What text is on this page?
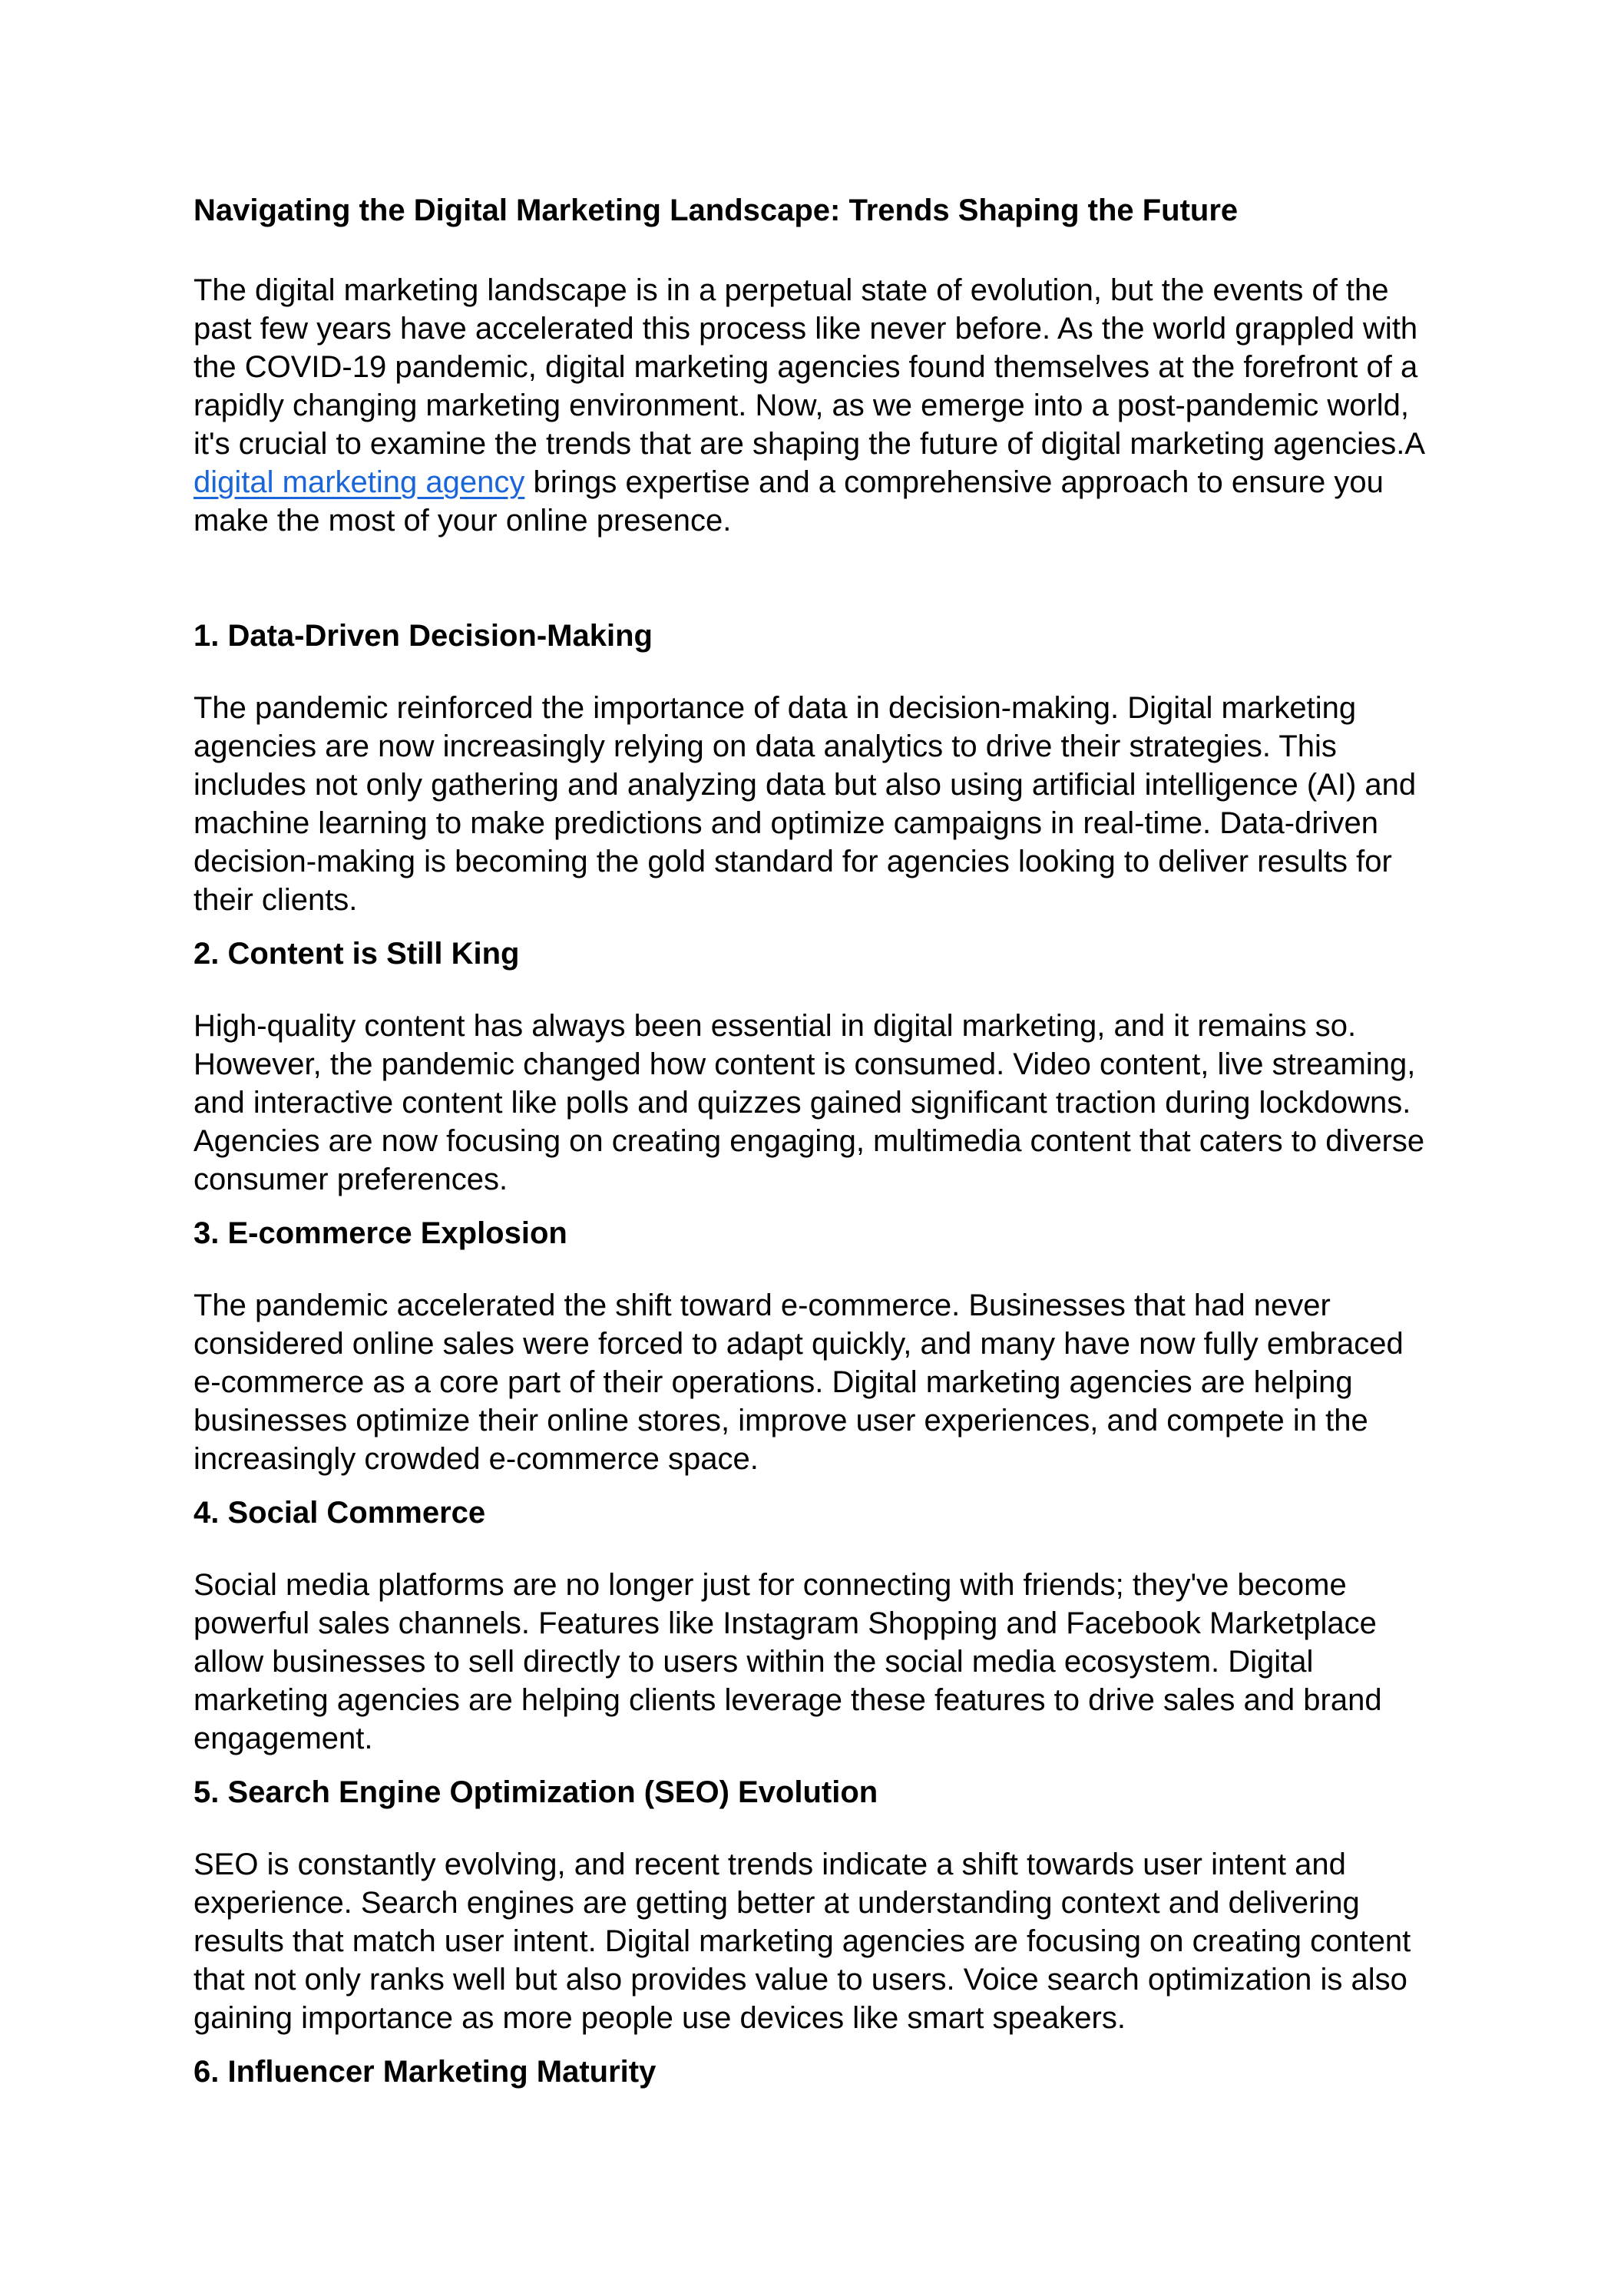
Navigating the Digital Marketing Landscape: Trends Shaping the Future

The digital marketing landscape is in a perpetual state of evolution, but the events of the past few years have accelerated this process like never before. As the world grappled with the COVID-19 pandemic, digital marketing agencies found themselves at the forefront of a rapidly changing marketing environment. Now, as we emerge into a post-pandemic world, it's crucial to examine the trends that are shaping the future of digital marketing agencies.A digital marketing agency brings expertise and a comprehensive approach to ensure you make the most of your online presence.

1. Data-Driven Decision-Making

The pandemic reinforced the importance of data in decision-making. Digital marketing agencies are now increasingly relying on data analytics to drive their strategies. This includes not only gathering and analyzing data but also using artificial intelligence (AI) and machine learning to make predictions and optimize campaigns in real-time. Data-driven decision-making is becoming the gold standard for agencies looking to deliver results for their clients.

2. Content is Still King

High-quality content has always been essential in digital marketing, and it remains so. However, the pandemic changed how content is consumed. Video content, live streaming, and interactive content like polls and quizzes gained significant traction during lockdowns. Agencies are now focusing on creating engaging, multimedia content that caters to diverse consumer preferences.

3. E-commerce Explosion

The pandemic accelerated the shift toward e-commerce. Businesses that had never considered online sales were forced to adapt quickly, and many have now fully embraced e-commerce as a core part of their operations. Digital marketing agencies are helping businesses optimize their online stores, improve user experiences, and compete in the increasingly crowded e-commerce space.

4. Social Commerce

Social media platforms are no longer just for connecting with friends; they've become powerful sales channels. Features like Instagram Shopping and Facebook Marketplace allow businesses to sell directly to users within the social media ecosystem. Digital marketing agencies are helping clients leverage these features to drive sales and brand engagement.

5. Search Engine Optimization (SEO) Evolution

SEO is constantly evolving, and recent trends indicate a shift towards user intent and experience. Search engines are getting better at understanding context and delivering results that match user intent. Digital marketing agencies are focusing on creating content that not only ranks well but also provides value to users. Voice search optimization is also gaining importance as more people use devices like smart speakers.

6. Influencer Marketing Maturity
